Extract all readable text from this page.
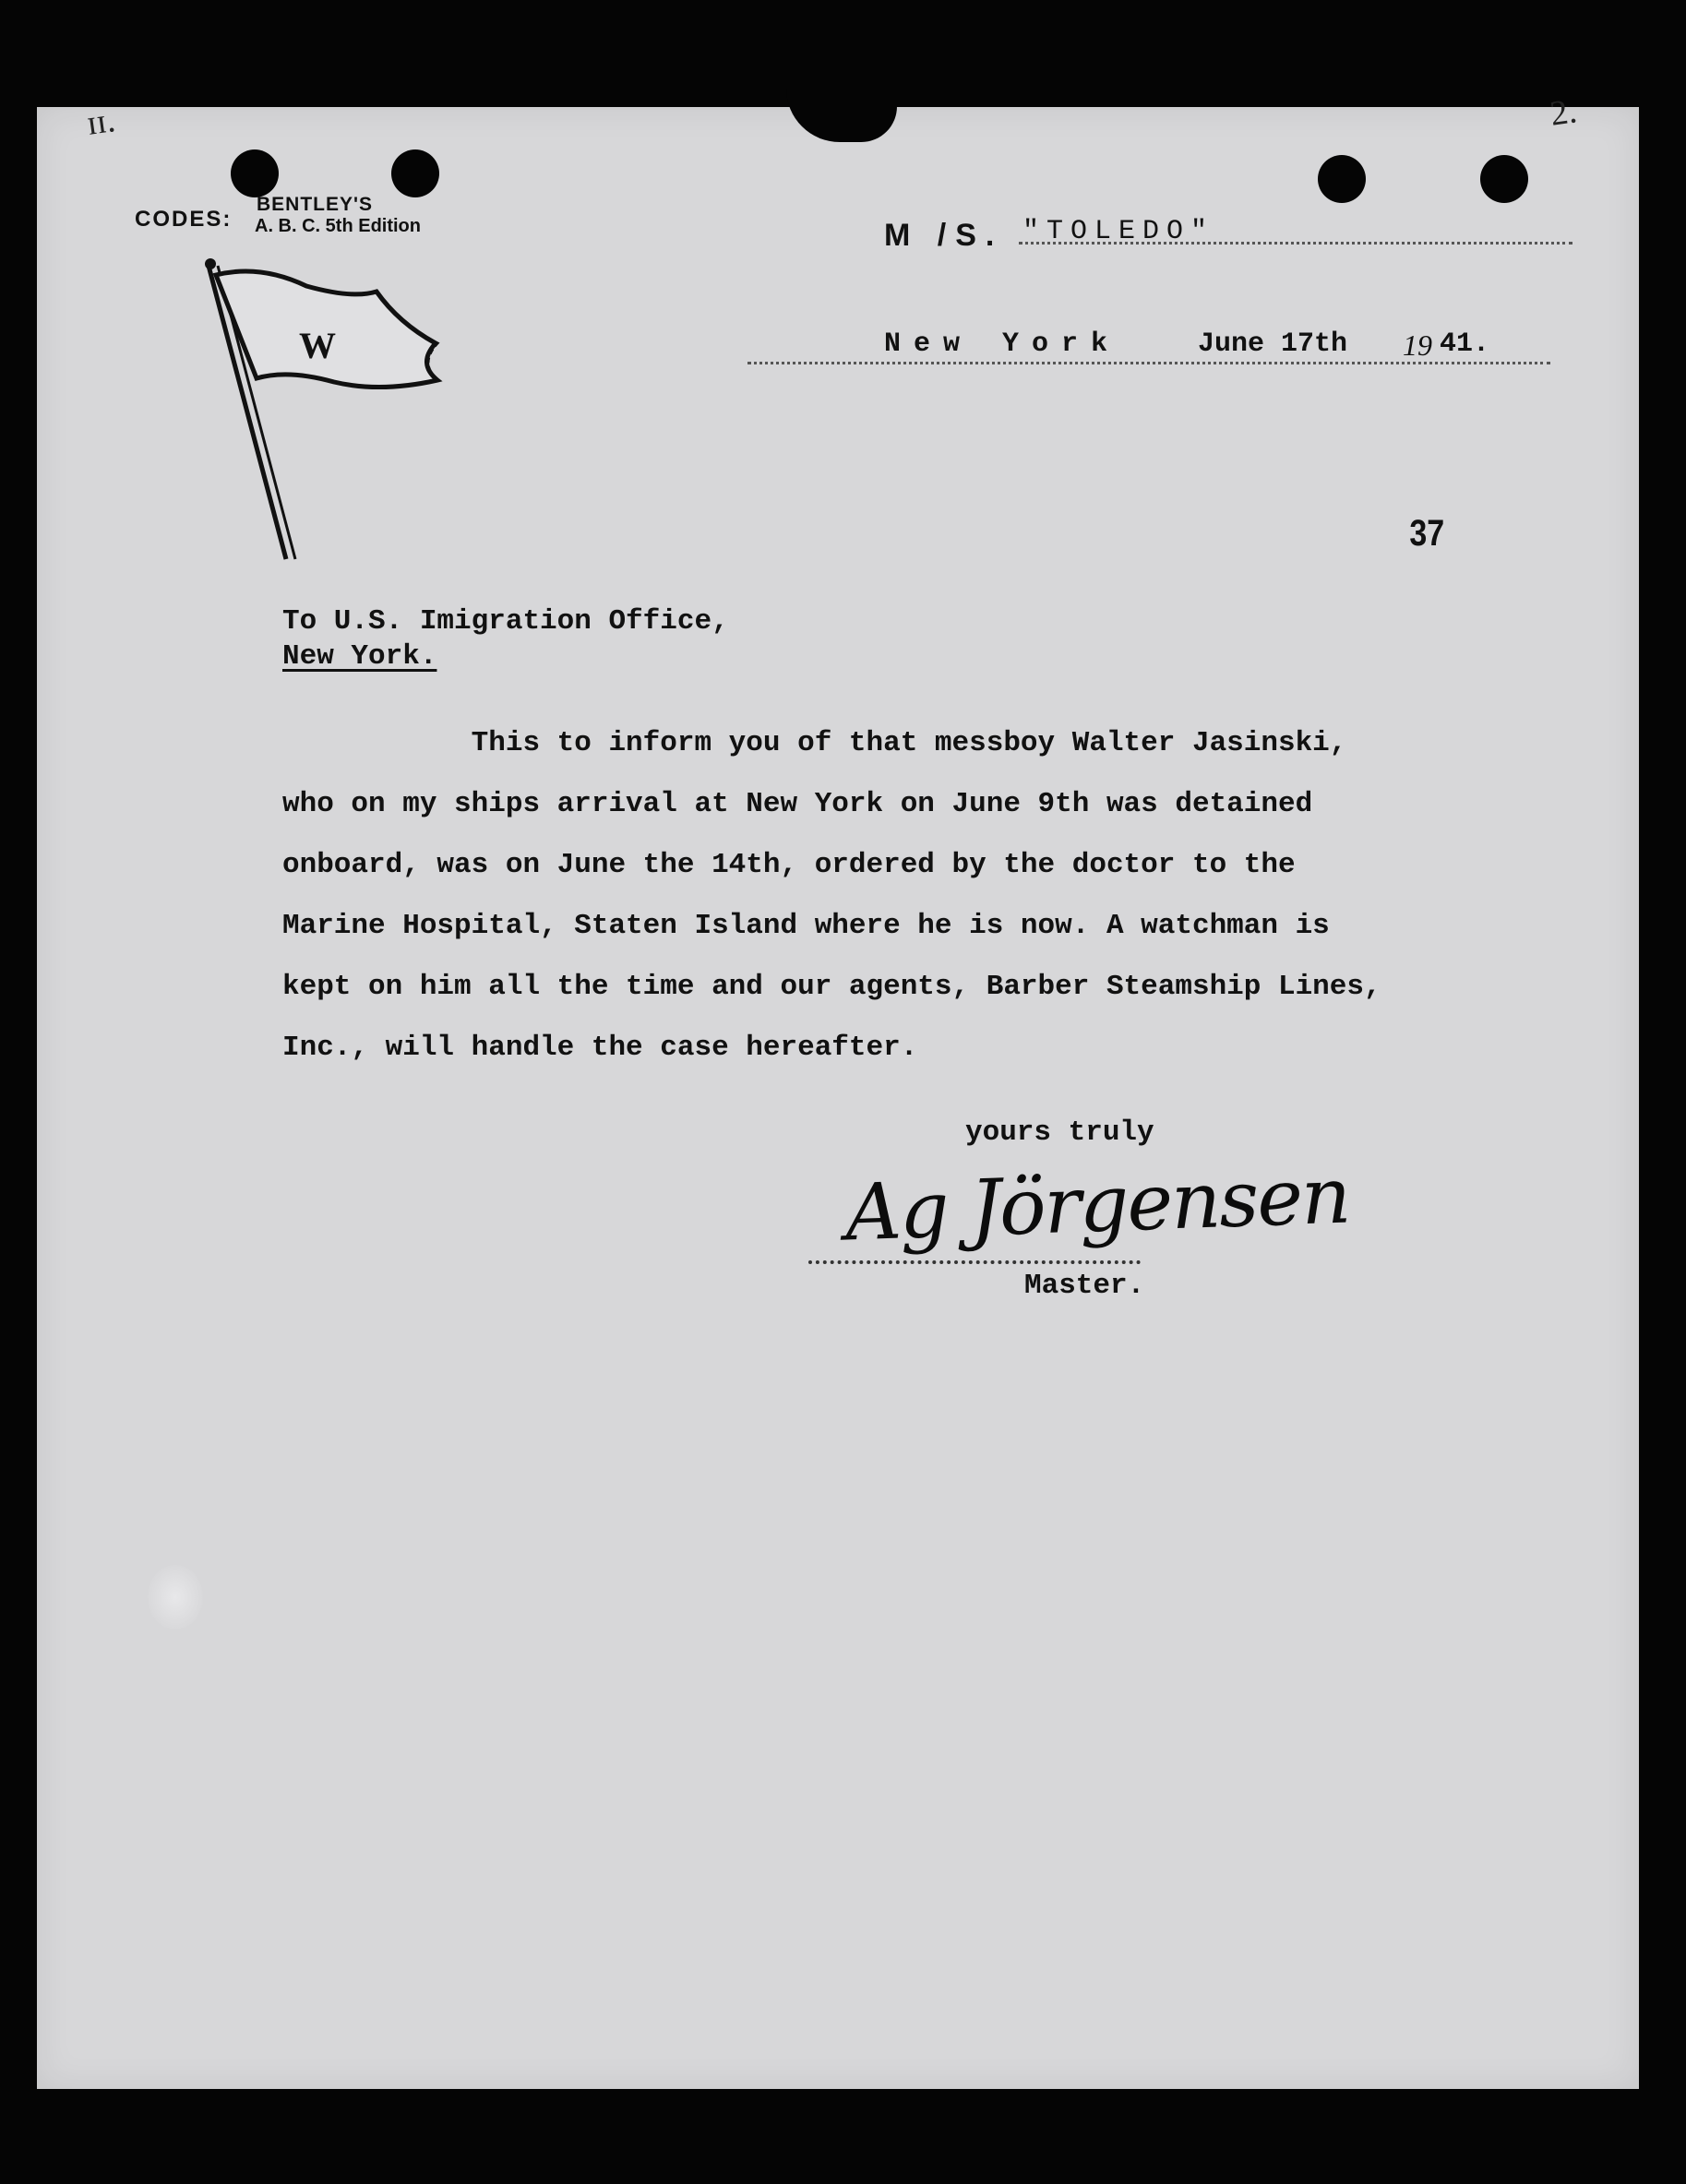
ɪɪ.	2.
CODES:
BENTLEY'S
A. B. C. 5th Edition
W
M /S. "TOLEDO"
New York	June 17th 19 41.
37
To U.S. Imigration Office,
New York.
This to inform you of that messboy Walter Jasinski,
who on my ships arrival at New York on June 9th was detained
onboard, was on June the 14th, ordered by the doctor to the
Marine Hospital, Staten Island where he is now. A watchman is
kept on him all the time and our agents, Barber Steamship Lines,
Inc., will handle the case hereafter.
yours truly
Ag Jörgensen
Master.
